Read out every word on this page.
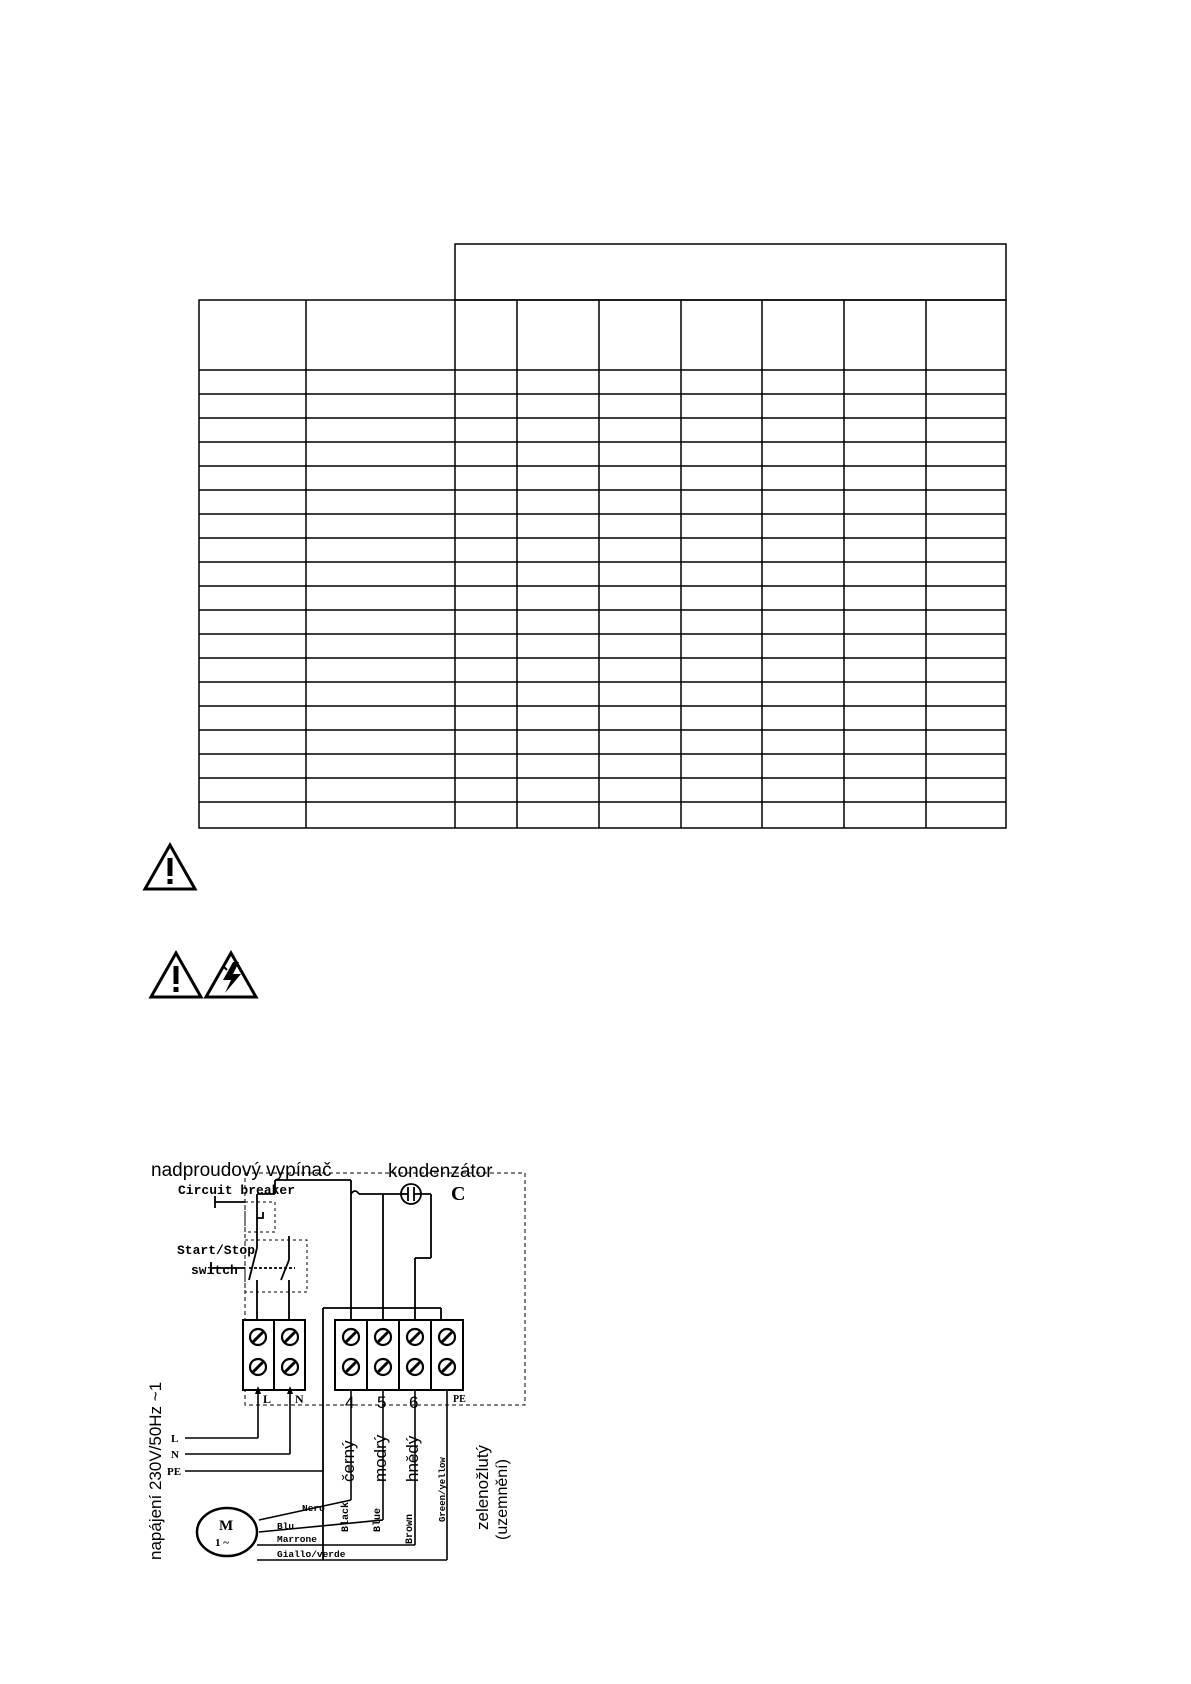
nadproudový vypínač	kondenzátor
C
Circuit breaker
Start/Stop
switch
L N 4 5 6	PE
L
N
PE
napájení 230V/50Hz ~1	černý modrý hnědý	zelenožlutý (uzemnění)
Black Blue Brown
Green/yellow
M
1 ~
Nero
Blu
Marrone
Giallo/verde
